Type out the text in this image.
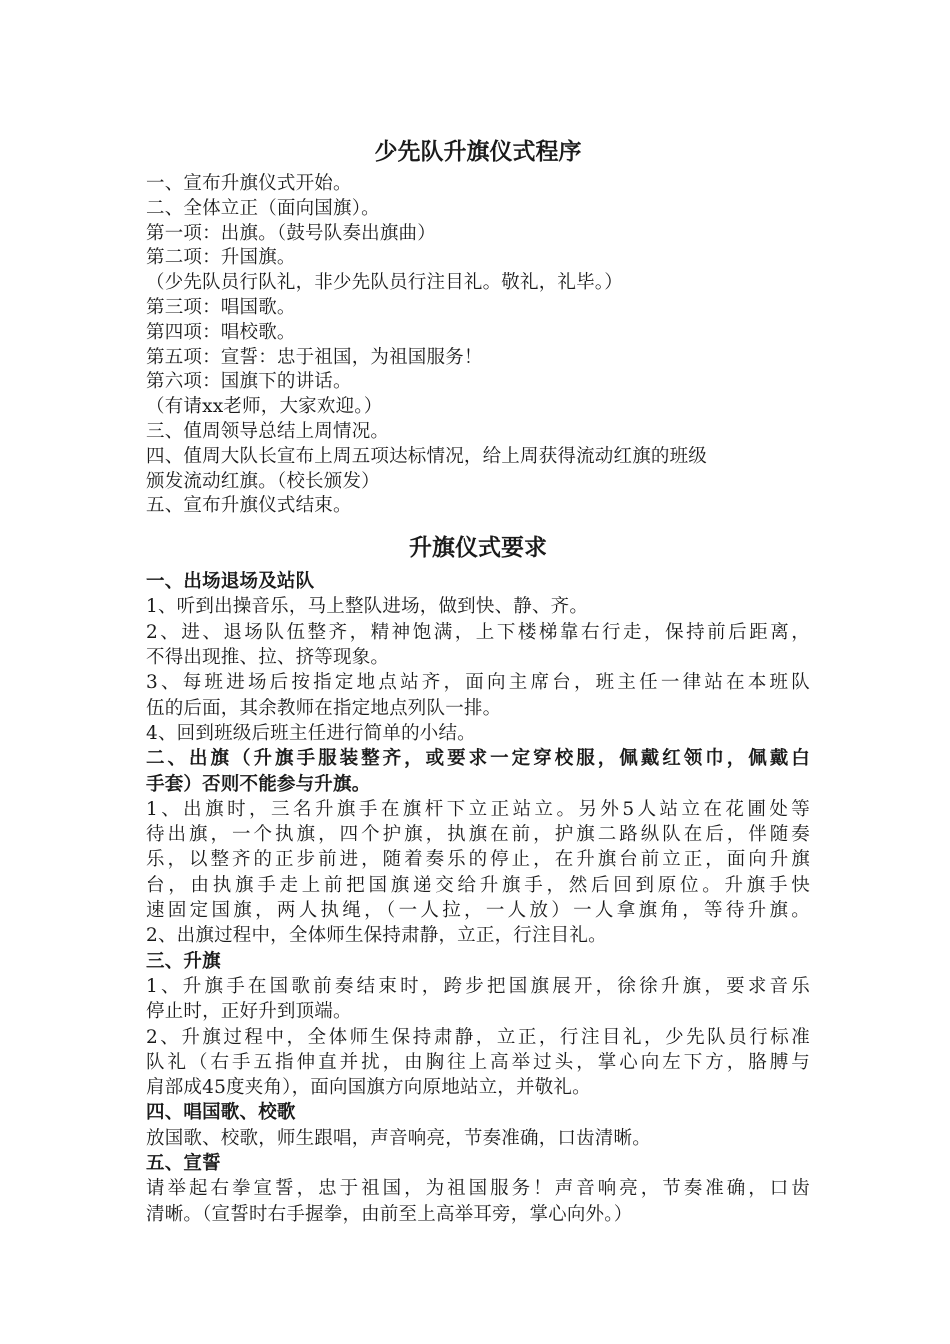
少先队升旗仪式程序

一、宣布升旗仪式开始。

二、全体立正（面向国旗）。

第一项：出旗。（鼓号队奏出旗曲）

第二项：升国旗。

（少先队员行队礼，非少先队员行注目礼。敬礼，礼毕。）

第三项：唱国歌。

第四项：唱校歌。

第五项：宣誓：忠于祖国，为祖国服务！

第六项：国旗下的讲话。

（有请xx老师，大家欢迎。）

三、值周领导总结上周情况。

四、值周大队长宣布上周五项达标情况，给上周获得流动红旗的班级

颁发流动红旗。（校长颁发）

五、宣布升旗仪式结束。

升旗仪式要求

一、出场退场及站队

1、听到出操音乐，马上整队进场，做到快、静、齐。

2、进、退场队伍整齐，精神饱满，上下楼梯靠右行走，保持前后距离，

不得出现推、拉、挤等现象。

3、每班进场后按指定地点站齐，面向主席台，班主任一律站在本班队

伍的后面，其余教师在指定地点列队一排。

4、回到班级后班主任进行简单的小结。

二、出旗（升旗手服装整齐，或要求一定穿校服，佩戴红领巾，佩戴白

手套）否则不能参与升旗。

1、出旗时，三名升旗手在旗杆下立正站立。另外5人站立在花圃处等

待出旗，一个执旗，四个护旗，执旗在前，护旗二路纵队在后，伴随奏

乐，以整齐的正步前进，随着奏乐的停止，在升旗台前立正，面向升旗

台，由执旗手走上前把国旗递交给升旗手，然后回到原位。升旗手快

速固定国旗，两人执绳，（一人拉，一人放）一人拿旗角，等待升旗。

2、出旗过程中，全体师生保持肃静，立正，行注目礼。

三、升旗

1、升旗手在国歌前奏结束时，跨步把国旗展开，徐徐升旗，要求音乐

停止时，正好升到顶端。

2、升旗过程中，全体师生保持肃静，立正，行注目礼，少先队员行标准

队礼（右手五指伸直并扰，由胸往上高举过头，掌心向左下方，胳膊与

肩部成45度夹角），面向国旗方向原地站立，并敬礼。

四、唱国歌、校歌

放国歌、校歌，师生跟唱，声音响亮，节奏准确，口齿清晰。

五、宣誓

请举起右拳宣誓，忠于祖国，为祖国服务！声音响亮，节奏准确，口齿

清晰。（宣誓时右手握拳，由前至上高举耳旁，掌心向外。）
